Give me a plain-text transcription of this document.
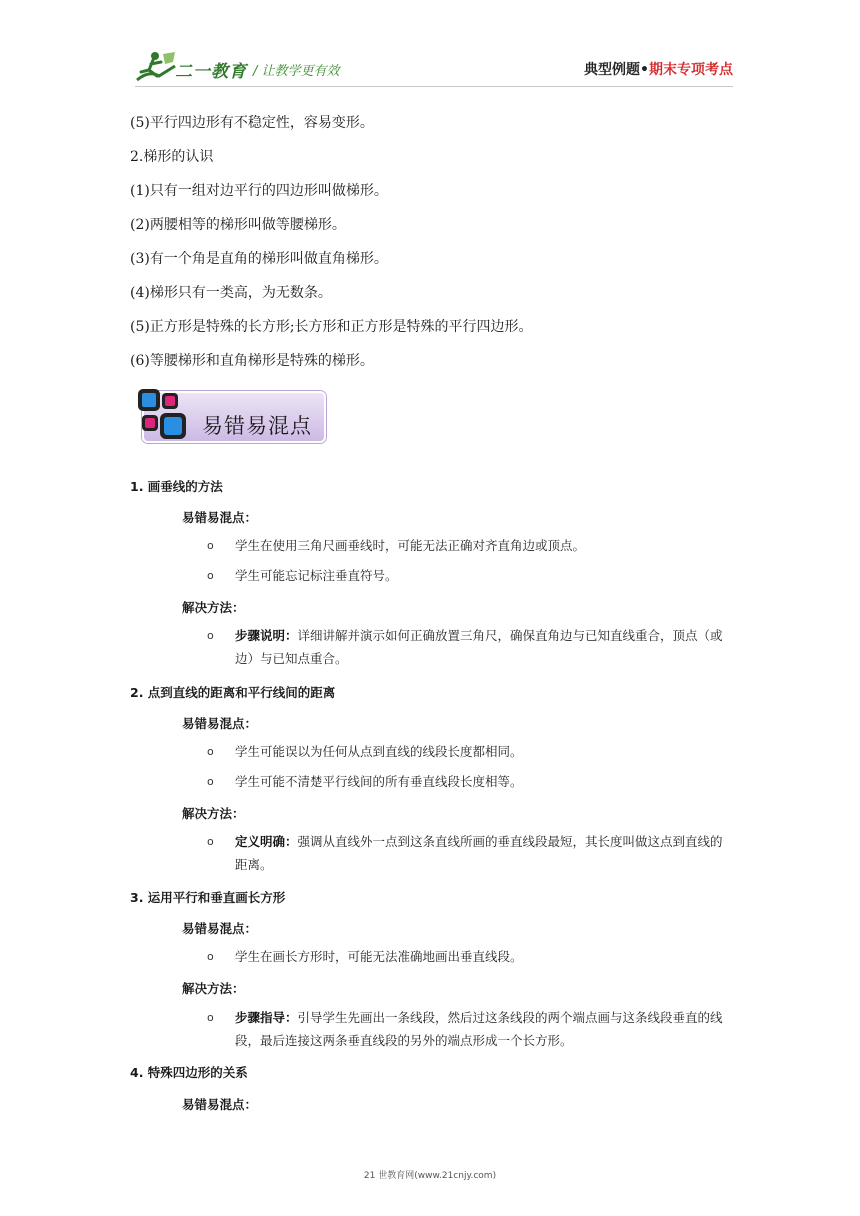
二一教育 / 让教学更有效	典型例题•期末专项考点
(5)平行四边形有不稳定性，容易变形。
2.梯形的认识
(1)只有一组对边平行的四边形叫做梯形。
(2)两腰相等的梯形叫做等腰梯形。
(3)有一个角是直角的梯形叫做直角梯形。
(4)梯形只有一类高，为无数条。
(5)正方形是特殊的长方形;长方形和正方形是特殊的平行四边形。
(6)等腰梯形和直角梯形是特殊的梯形。
易错易混点
1. 画垂线的方法
易错易混点：
o 学生在使用三角尺画垂线时，可能无法正确对齐直角边或顶点。
o 学生可能忘记标注垂直符号。
解决方法：
o 步骤说明：详细讲解并演示如何正确放置三角尺，确保直角边与已知直线重合，顶点（或边）与已知点重合。
2. 点到直线的距离和平行线间的距离
易错易混点：
o 学生可能误以为任何从点到直线的线段长度都相同。
o 学生可能不清楚平行线间的所有垂直线段长度相等。
解决方法：
o 定义明确：强调从直线外一点到这条直线所画的垂直线段最短，其长度叫做这点到直线的距离。
3. 运用平行和垂直画长方形
易错易混点：
o 学生在画长方形时，可能无法准确地画出垂直线段。
解决方法：
o 步骤指导：引导学生先画出一条线段，然后过这条线段的两个端点画与这条线段垂直的线段，最后连接这两条垂直线段的另外的端点形成一个长方形。
4. 特殊四边形的关系
易错易混点：
21 世教育网(www.21cnjy.com)
